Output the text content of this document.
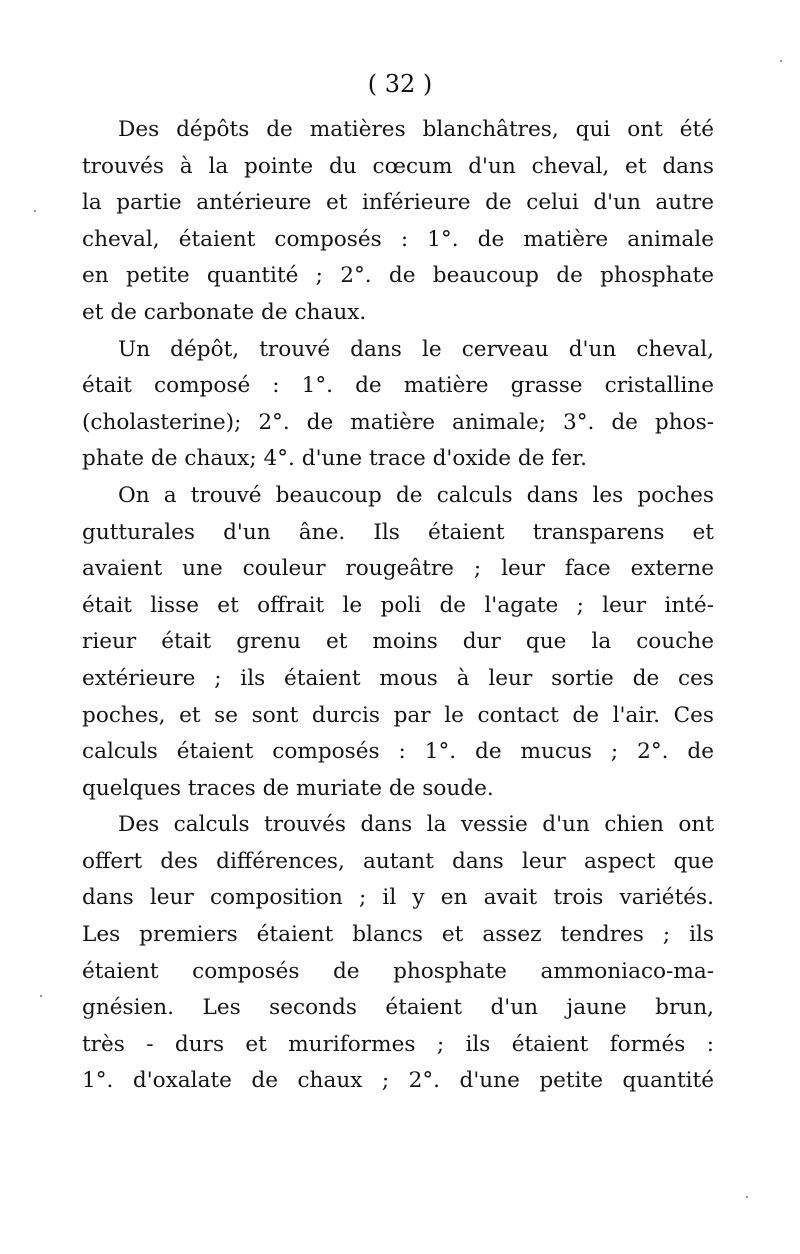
( 32 )
Des dépôts de matières blanchâtres, qui ont été
trouvés à la pointe du cœcum d'un cheval, et dans
la partie antérieure et inférieure de celui d'un autre
cheval, étaient composés : 1°. de matière animale
en petite quantité ; 2°. de beaucoup de phosphate
et de carbonate de chaux.
Un dépôt, trouvé dans le cerveau d'un cheval,
était composé : 1°. de matière grasse cristalline
(cholasterine); 2°. de matière animale; 3°. de phos-
phate de chaux; 4°. d'une trace d'oxide de fer.
On a trouvé beaucoup de calculs dans les poches
gutturales d'un âne. Ils étaient transparens et
avaient une couleur rougeâtre ; leur face externe
était lisse et offrait le poli de l'agate ; leur inté-
rieur était grenu et moins dur que la couche
extérieure ; ils étaient mous à leur sortie de ces
poches, et se sont durcis par le contact de l'air. Ces
calculs étaient composés : 1°. de mucus ; 2°. de
quelques traces de muriate de soude.
Des calculs trouvés dans la vessie d'un chien ont
offert des différences, autant dans leur aspect que
dans leur composition ; il y en avait trois variétés.
Les premiers étaient blancs et assez tendres ; ils
étaient composés de phosphate ammoniaco-ma-
gnésien. Les seconds étaient d'un jaune brun,
très - durs et muriformes ; ils étaient formés :
1°. d'oxalate de chaux ; 2°. d'une petite quantité
